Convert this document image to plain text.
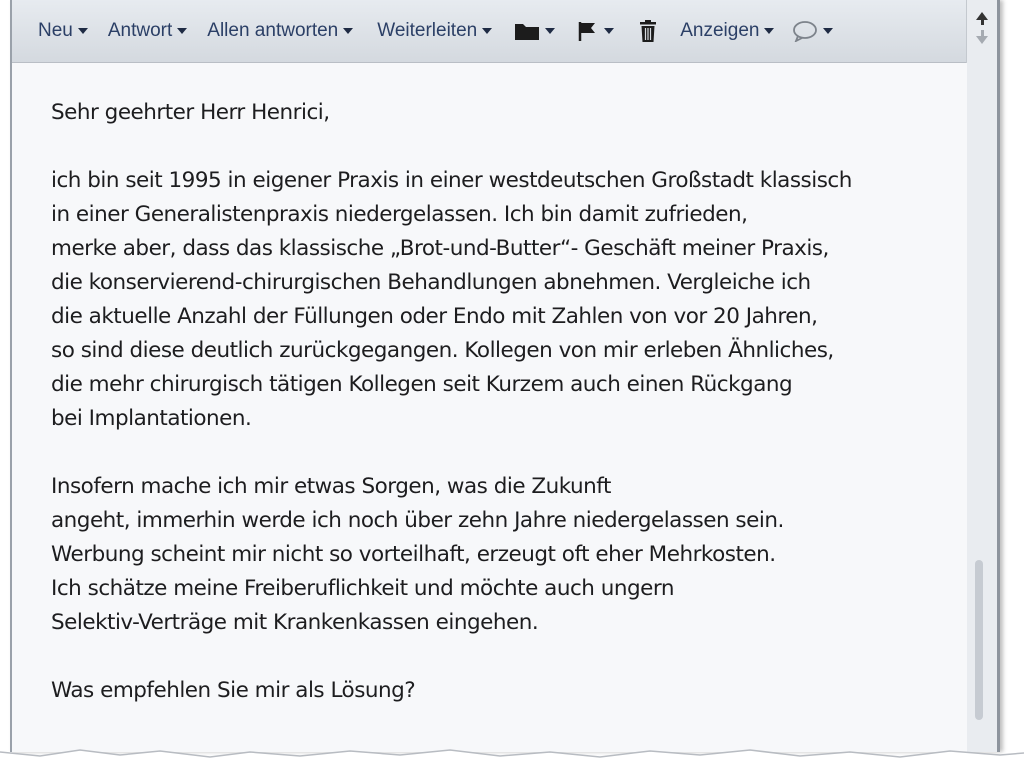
Neu Antwort Allen antworten Weiterleiten	Anzeigen
Sehr geehrter Herr Henrici,
ich bin seit 1995 in eigener Praxis in einer westdeutschen Großstadt klassisch
in einer Generalistenpraxis niedergelassen. Ich bin damit zufrieden,
merke aber, dass das klassische „Brot-und-Butter“- Geschäft meiner Praxis,
die konservierend-chirurgischen Behandlungen abnehmen. Vergleiche ich
die aktuelle Anzahl der Füllungen oder Endo mit Zahlen von vor 20 Jahren,
so sind diese deutlich zurückgegangen. Kollegen von mir erleben Ähnliches,
die mehr chirurgisch tätigen Kollegen seit Kurzem auch einen Rückgang
bei Implantationen.
Insofern mache ich mir etwas Sorgen, was die Zukunft
angeht, immerhin werde ich noch über zehn Jahre niedergelassen sein.
Werbung scheint mir nicht so vorteilhaft, erzeugt oft eher Mehrkosten.
Ich schätze meine Freiberuflichkeit und möchte auch ungern
Selektiv-Verträge mit Krankenkassen eingehen.
Was empfehlen Sie mir als Lösung?
